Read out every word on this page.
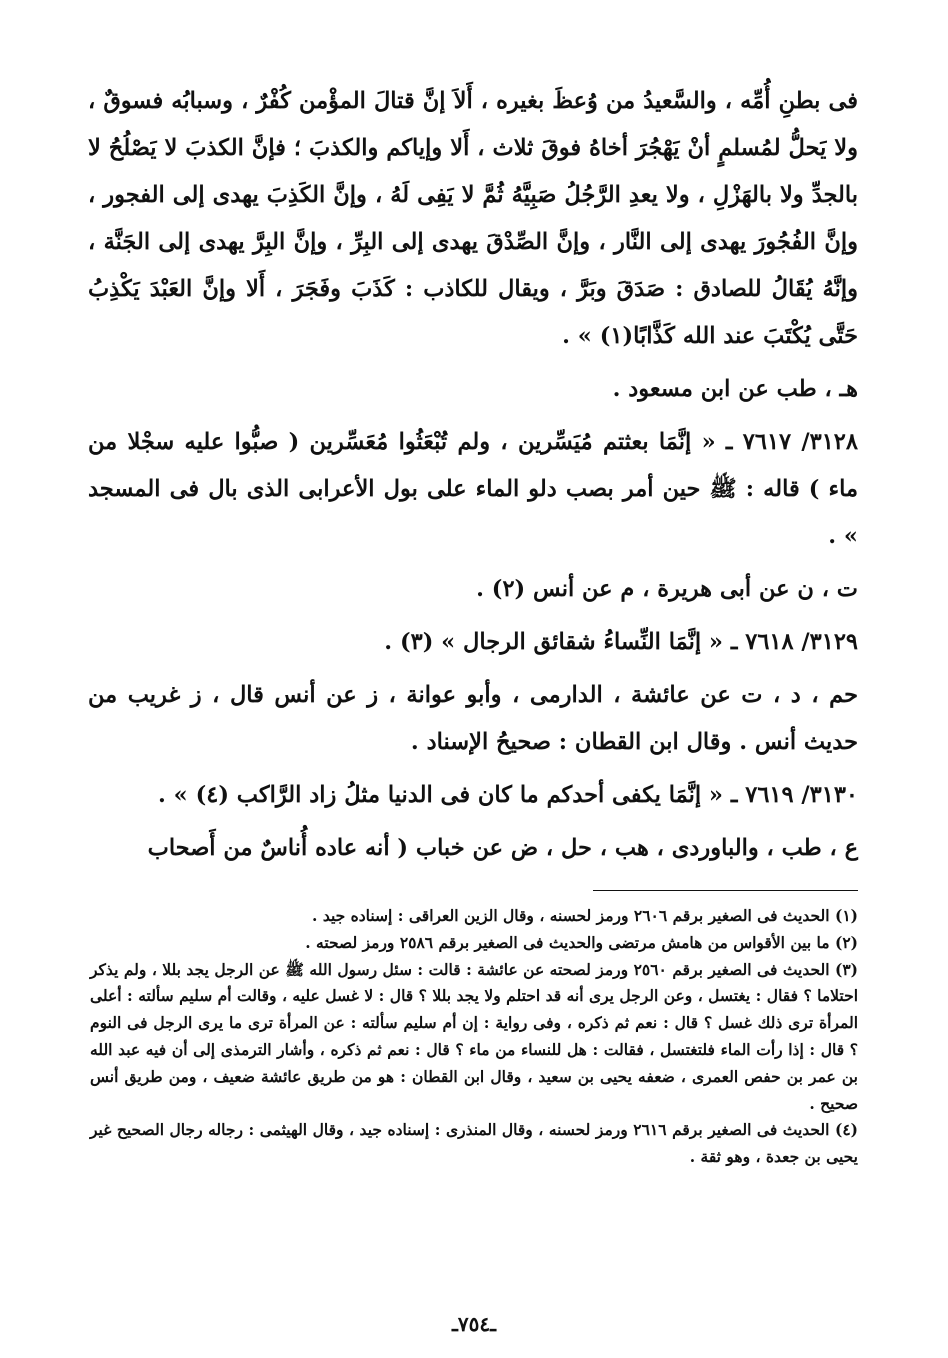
فى بطنِ أُمِّه ، والسَّعيدُ من وُعظَ بغيره ، أَلاَ إنَّ قتالَ المؤْمن كُفْرٌ ، وسبابُه فسوقٌ ، ولا يَحلُّ لمُسلمٍ أنْ يَهْجُرَ أخاهُ فوقَ ثلاث ، أَلا وإياكم والكذبَ ؛ فإنَّ الكذبَ لا يَصْلُحُ لا بالجدِّ ولا بالهَزْلِ ، ولا يعدِ الرَّجُلُ صَبِيَّهُ ثُمَّ لا يَفِى لَهُ ، وإنَّ الكَذِبَ يهدى إلى الفجور ، وإنَّ الفُجُورَ يهدى إلى النَّار ، وإنَّ الصِّدْقَ يهدى إلى البِرِّ ، وإنَّ البِرَّ يهدى إلى الجَنَّة ، وإنَّهُ يُقَالُ للصادق : صَدَقَ وبَرَّ ، ويقال للكاذب : كَذَبَ وفَجَرَ ، أَلا وإنَّ العَبْدَ يَكْذِبُ حَتَّى يُكْتَبَ عند الله كَذَّابًا(١) » .

هـ ، طب عن ابن مسعود .

٣١٢٨/ ٧٦١٧ ـ « إنَّمَا بعثتم مُيَسِّرين ، ولم تُبْعَثُوا مُعَسِّرين ( صبُّوا عليه سجْلا من ماء ) قاله : ﷺ حين أمر بصب دلو الماء على بول الأعرابى الذى بال فى المسجد » .

ت ، ن عن أبى هريرة ، م عن أنس (٢) .

٣١٢٩/ ٧٦١٨ ـ « إنَّمَا النِّساءُ شقائق الرجال » (٣) .

حم ، د ، ت عن عائشة ، الدارمى ، وأبو عوانة ، ز عن أنس قال ، ز غريب من حديث أنس . وقال ابن القطان : صحيحُ الإسناد .

٣١٣٠/ ٧٦١٩ ـ « إنَّمَا يكفى أحدكم ما كان فى الدنيا مثلُ زاد الرَّاكب (٤) » .

ع ، طب ، والباوردى ، هب ، حل ، ض عن خباب ( أنه عاده أُناسٌ من أَصحاب

(١) الحديث فى الصغير برقم ٢٦٠٦ ورمز لحسنه ، وقال الزين العراقى : إسناده جيد .

(٢) ما بين الأقواس من هامش مرتضى والحديث فى الصغير برقم ٢٥٨٦ ورمز لصحته .

(٣) الحديث فى الصغير برقم ٢٥٦٠ ورمز لصحته عن عائشة : قالت : سئل رسول الله ﷺ عن الرجل يجد بللا ، ولم يذكر احتلاما ؟ فقال : يغتسل ، وعن الرجل يرى أنه قد احتلم ولا يجد بللا ؟ قال : لا غسل عليه ، وقالت أم سليم سألته : أعلى المرأة ترى ذلك غسل ؟ قال : نعم ثم ذكره ، وفى رواية : إن أم سليم سألته : عن المرأة ترى ما يرى الرجل فى النوم ؟ قال : إذا رأت الماء فلتغتسل ، فقالت : هل للنساء من ماء ؟ قال : نعم ثم ذكره ، وأشار الترمذى إلى أن فيه عبد الله بن عمر بن حفص العمرى ، ضعفه يحيى بن سعيد ، وقال ابن القطان : هو من طريق عائشة ضعيف ، ومن طريق أنس صحيح .

(٤) الحديث فى الصغير برقم ٢٦١٦ ورمز لحسنه ، وقال المنذرى : إسناده جيد ، وقال الهيثمى : رجاله رجال الصحيح غير يحيى بن جعدة ، وهو ثقة .

ـ٧٥٤ـ
